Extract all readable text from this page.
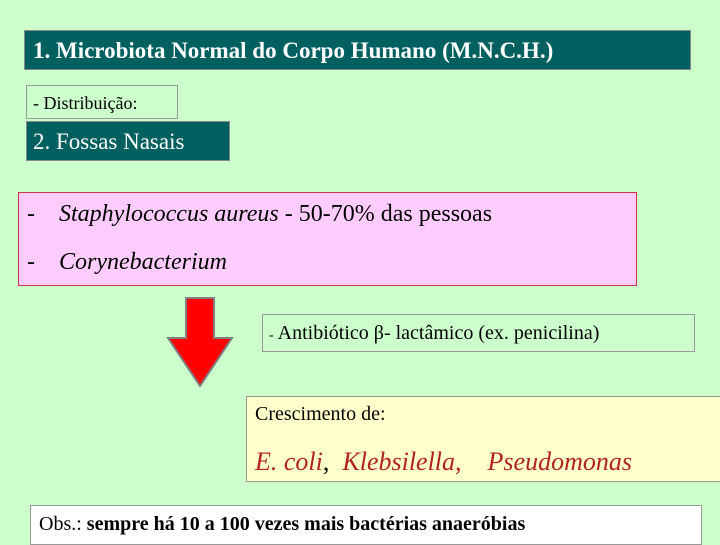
1. Microbiota Normal do Corpo Humano (M.N.C.H.)
- Distribuição:
2. Fossas Nasais
- Staphylococcus aureus - 50-70% das pessoas
- Corynebacterium
- Antibiótico β- lactâmico (ex. penicilina)
Crescimento de:
E. coli, Klebsilella, Pseudomonas
Obs.: sempre há 10 a 100 vezes mais bactérias anaeróbias
